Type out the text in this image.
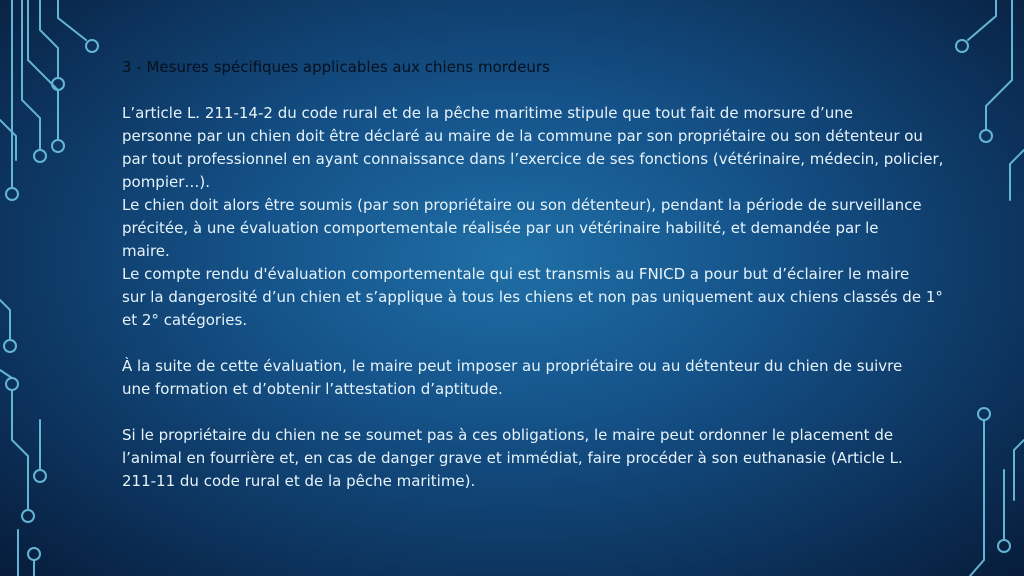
3 - Mesures spécifiques applicables aux chiens mordeurs
L’article L. 211-14-2 du code rural et de la pêche maritime stipule que tout fait de morsure d’une
personne par un chien doit être déclaré au maire de la commune par son propriétaire ou son détenteur ou
par tout professionnel en ayant connaissance dans l’exercice de ses fonctions (vétérinaire, médecin, policier,
pompier…).
Le chien doit alors être soumis (par son propriétaire ou son détenteur), pendant la période de surveillance
précitée, à une évaluation comportementale réalisée par un vétérinaire habilité, et demandée par le
maire.
Le compte rendu d'évaluation comportementale qui est transmis au FNICD a pour but d’éclairer le maire
sur la dangerosité d’un chien et s’applique à tous les chiens et non pas uniquement aux chiens classés de 1°
et 2° catégories.
À la suite de cette évaluation, le maire peut imposer au propriétaire ou au détenteur du chien de suivre
une formation et d’obtenir l’attestation d’aptitude.
Si le propriétaire du chien ne se soumet pas à ces obligations, le maire peut ordonner le placement de
l’animal en fourrière et, en cas de danger grave et immédiat, faire procéder à son euthanasie (Article L.
211-11 du code rural et de la pêche maritime).
